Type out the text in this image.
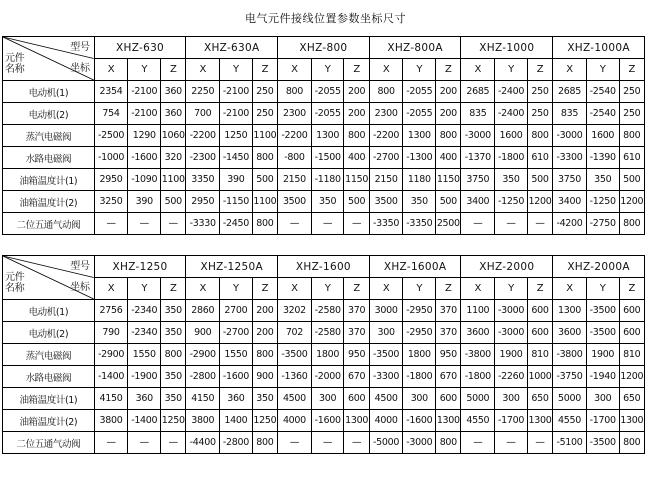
电气元件接线位置参数坐标尺寸
型号
坐标
元件
名称	XHZ-630			XHZ-630A			XHZ-800			XHZ-800A			XHZ-1000			XHZ-1000A		
	X	Y	Z	X	Y	Z	X	Y	Z	X	Y	Z	X	Y	Z	X	Y	Z
电动机(1)	2354	-2100	360	2250	-2100	250	800	-2055	200	800	-2055	200	2685	-2400	250	2685	-2540	250
电动机(2)	754	-2100	360	700	-2100	250	2300	-2055	200	2300	-2055	200	835	-2400	250	835	-2540	250
蒸汽电磁阀	-2500	1290	1060	-2200	1250	1100	-2200	1300	800	-2200	1300	800	-3000	1600	800	-3000	1600	800
水路电磁阀	-1000	-1600	320	-2300	-1450	800	-800	-1500	400	-2700	-1300	400	-1370	-1800	610	-3300	-1390	610
油箱温度计(1)	2950	-1090	1100	3350	390	500	2150	-1180	1150	2150	1180	1150	3750	350	500	3750	350	500
油箱温度计(2)	3250	390	500	2950	-1150	1100	3500	350	500	3500	350	500	3400	-1250	1200	3400	-1250	1200
二位五通气动阀	—	—	—	-3330	-2450	800	—	—	—	-3350	-3350	2500	—	—	—	-4200	-2750	800
型号
坐标
元件
名称	XHZ-1250			XHZ-1250A			XHZ-1600			XHZ-1600A			XHZ-2000			XHZ-2000A		
	X	Y	Z	X	Y	Z	X	Y	Z	X	Y	Z	X	Y	Z	X	Y	Z
电动机(1)	2756	-2340	350	2860	2700	200	3202	-2580	370	3000	-2950	370	1100	-3000	600	1300	-3500	600
电动机(2)	790	-2340	350	900	-2700	200	702	-2580	370	300	-2950	370	3600	-3000	600	3600	-3500	600
蒸汽电磁阀	-2900	1550	800	-2900	1550	800	-3500	1800	950	-3500	1800	950	-3800	1900	810	-3800	1900	810
水路电磁阀	-1400	-1900	350	-2800	-1600	900	-1360	-2000	670	-3300	-1800	670	-1800	-2260	1000	-3750	-1940	1200
油箱温度计(1)	4150	360	350	4150	360	350	4500	300	600	4500	300	600	5000	300	650	5000	300	650
油箱温度计(2)	3800	-1400	1250	3800	1400	1250	4000	-1600	1300	4000	-1600	1300	4550	-1700	1300	4550	-1700	1300
二位五通气动阀	—	—	—	-4400	-2800	800	—	—	—	-5000	-3000	800	—	—	—	-5100	-3500	800
